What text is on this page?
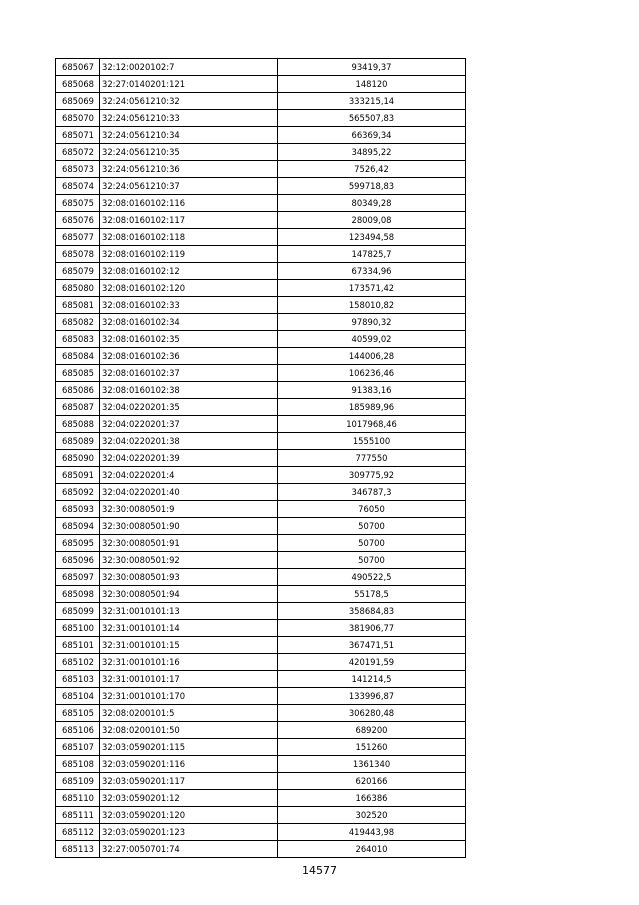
685067	32:12:0020102:7	93419,37
685068	32:27:0140201:121	148120
685069	32:24:0561210:32	333215,14
685070	32:24:0561210:33	565507,83
685071	32:24:0561210:34	66369,34
685072	32:24:0561210:35	34895,22
685073	32:24:0561210:36	7526,42
685074	32:24:0561210:37	599718,83
685075	32:08:0160102:116	80349,28
685076	32:08:0160102:117	28009,08
685077	32:08:0160102:118	123494,58
685078	32:08:0160102:119	147825,7
685079	32:08:0160102:12	67334,96
685080	32:08:0160102:120	173571,42
685081	32:08:0160102:33	158010,82
685082	32:08:0160102:34	97890,32
685083	32:08:0160102:35	40599,02
685084	32:08:0160102:36	144006,28
685085	32:08:0160102:37	106236,46
685086	32:08:0160102:38	91383,16
685087	32:04:0220201:35	185989,96
685088	32:04:0220201:37	1017968,46
685089	32:04:0220201:38	1555100
685090	32:04:0220201:39	777550
685091	32:04:0220201:4	309775,92
685092	32:04:0220201:40	346787,3
685093	32:30:0080501:9	76050
685094	32:30:0080501:90	50700
685095	32:30:0080501:91	50700
685096	32:30:0080501:92	50700
685097	32:30:0080501:93	490522,5
685098	32:30:0080501:94	55178,5
685099	32:31:0010101:13	358684,83
685100	32:31:0010101:14	381906,77
685101	32:31:0010101:15	367471,51
685102	32:31:0010101:16	420191,59
685103	32:31:0010101:17	141214,5
685104	32:31:0010101:170	133996,87
685105	32:08:0200101:5	306280,48
685106	32:08:0200101:50	689200
685107	32:03:0590201:115	151260
685108	32:03:0590201:116	1361340
685109	32:03:0590201:117	620166
685110	32:03:0590201:12	166386
685111	32:03:0590201:120	302520
685112	32:03:0590201:123	419443,98
685113	32:27:0050701:74	264010
14577
